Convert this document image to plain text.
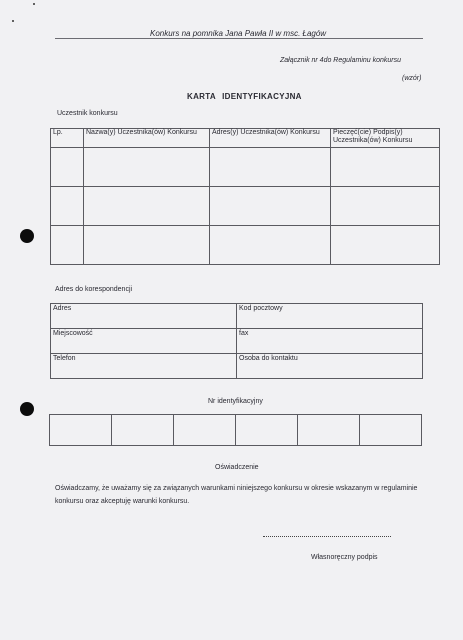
Konkurs na pomnika Jana Pawła II w msc. Łagów
Załącznik nr 4do Regulaminu konkursu
(wzór)
KARTA IDENTYFIKACYJNA
Uczestnik konkursu
Lp.	Nazwa(y) Uczestnika(ów) Konkursu	Adres(y) Uczestnika(ów) Konkursu	Pieczęć(cie) Podpis(y) Uczestnika(ów) Konkursu

Adres do korespondencji
Adres	Kod pocztowy
Miejscowość	fax
Telefon	Osoba do kontaktu
Nr identyfikacyjny

Oświadczenie
Oświadczamy, że uważamy się za związanych warunkami niniejszego konkursu w okresie wskazanym w regulaminie konkursu oraz akceptuję warunki konkursu.
Własnoręczny podpis
